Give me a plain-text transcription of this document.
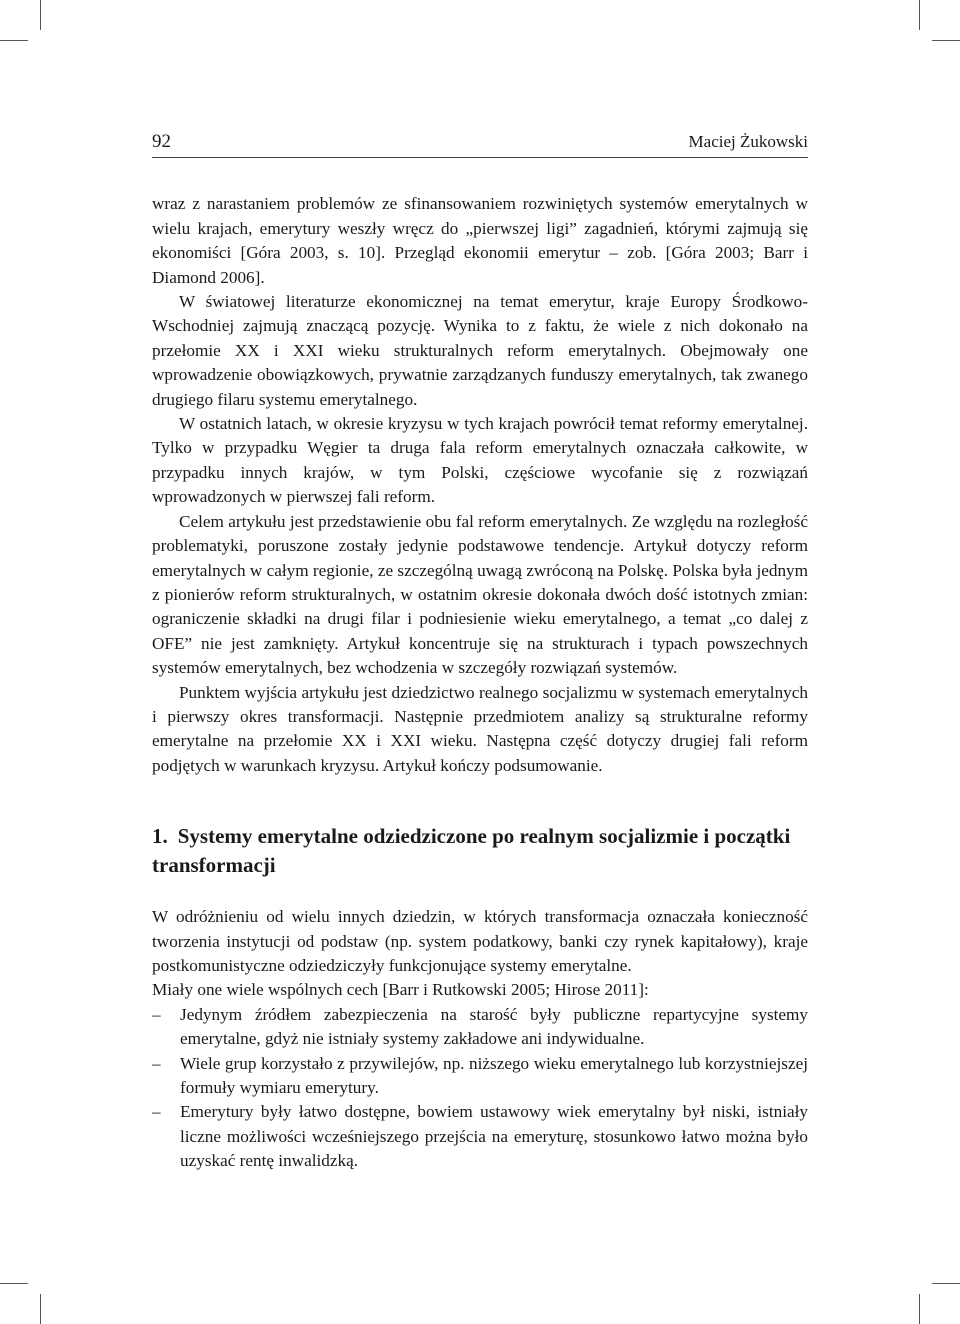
92	Maciej Żukowski

wraz z narastaniem problemów ze sfinansowaniem rozwiniętych systemów emerytalnych w wielu krajach, emerytury weszły wręcz do „pierwszej ligi” zagadnień, którymi zajmują się ekonomiści [Góra 2003, s. 10]. Przegląd ekonomii emerytur – zob. [Góra 2003; Barr i Diamond 2006].

W światowej literaturze ekonomicznej na temat emerytur, kraje Europy Środkowo-Wschodniej zajmują znaczącą pozycję. Wynika to z faktu, że wiele z nich dokonało na przełomie XX i XXI wieku strukturalnych reform emerytalnych. Obejmowały one wprowadzenie obowiązkowych, prywatnie zarządzanych funduszy emerytalnych, tak zwanego drugiego filaru systemu emerytalnego.

W ostatnich latach, w okresie kryzysu w tych krajach powrócił temat reformy emerytalnej. Tylko w przypadku Węgier ta druga fala reform emerytalnych oznaczała całkowite, w przypadku innych krajów, w tym Polski, częściowe wycofanie się z rozwiązań wprowadzonych w pierwszej fali reform.

Celem artykułu jest przedstawienie obu fal reform emerytalnych. Ze względu na rozległość problematyki, poruszone zostały jedynie podstawowe tendencje. Artykuł dotyczy reform emerytalnych w całym regionie, ze szczególną uwagą zwróconą na Polskę. Polska była jednym z pionierów reform strukturalnych, w ostatnim okresie dokonała dwóch dość istotnych zmian: ograniczenie składki na drugi filar i podniesienie wieku emerytalnego, a temat „co dalej z OFE” nie jest zamknięty. Artykuł koncentruje się na strukturach i typach powszechnych systemów emerytalnych, bez wchodzenia w szczegóły rozwiązań systemów.

Punktem wyjścia artykułu jest dziedzictwo realnego socjalizmu w systemach emerytalnych i pierwszy okres transformacji. Następnie przedmiotem analizy są strukturalne reformy emerytalne na przełomie XX i XXI wieku. Następna część dotyczy drugiej fali reform podjętych w warunkach kryzysu. Artykuł kończy podsumowanie.

1. Systemy emerytalne odziedziczone po realnym socjalizmie i początki transformacji

W odróżnieniu od wielu innych dziedzin, w których transformacja oznaczała konieczność tworzenia instytucji od podstaw (np. system podatkowy, banki czy rynek kapitałowy), kraje postkomunistyczne odziedziczyły funkcjonujące systemy emerytalne.

Miały one wiele wspólnych cech [Barr i Rutkowski 2005; Hirose 2011]:

– Jedynym źródłem zabezpieczenia na starość były publiczne repartycyjne systemy emerytalne, gdyż nie istniały systemy zakładowe ani indywidualne.
– Wiele grup korzystało z przywilejów, np. niższego wieku emerytalnego lub korzystniejszej formuły wymiaru emerytury.
– Emerytury były łatwo dostępne, bowiem ustawowy wiek emerytalny był niski, istniały liczne możliwości wcześniejszego przejścia na emeryturę, stosunkowo łatwo można było uzyskać rentę inwalidzką.
